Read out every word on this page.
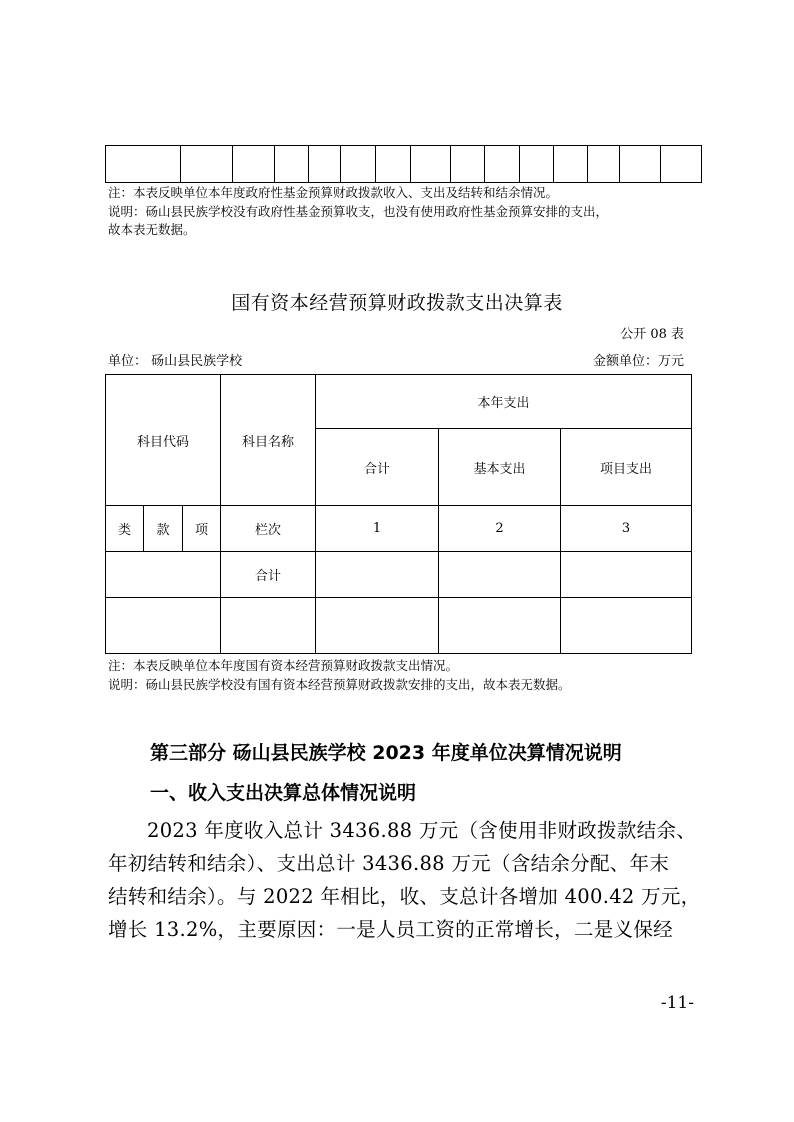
注：本表反映单位本年度政府性基金预算财政拨款收入、支出及结转和结余情况。
说明：砀山县民族学校没有政府性基金预算收支，也没有使用政府性基金预算安排的支出，
故本表无数据。
国有资本经营预算财政拨款支出决算表
公开 08 表
单位： 砀山县民族学校	金额单位：万元
科目代码			科目名称	本年支出		
				合计	基本支出	项目支出
类	款	项	栏次	1	2	3
			合计			

注：本表反映单位本年度国有资本经营预算财政拨款支出情况。
说明：砀山县民族学校没有国有资本经营预算财政拨款安排的支出，故本表无数据。
第三部分 砀山县民族学校 2023 年度单位决算情况说明
一、收入支出决算总体情况说明

2023 年度收入总计 3436.88 万元（含使用非财政拨款结余、

年初结转和结余）、支出总计 3436.88 万元（含结余分配、年末

结转和结余）。与 2022 年相比，收、支总计各增加 400.42 万元，

增长 13.2%，主要原因：一是人员工资的正常增长，二是义保经

-11-
